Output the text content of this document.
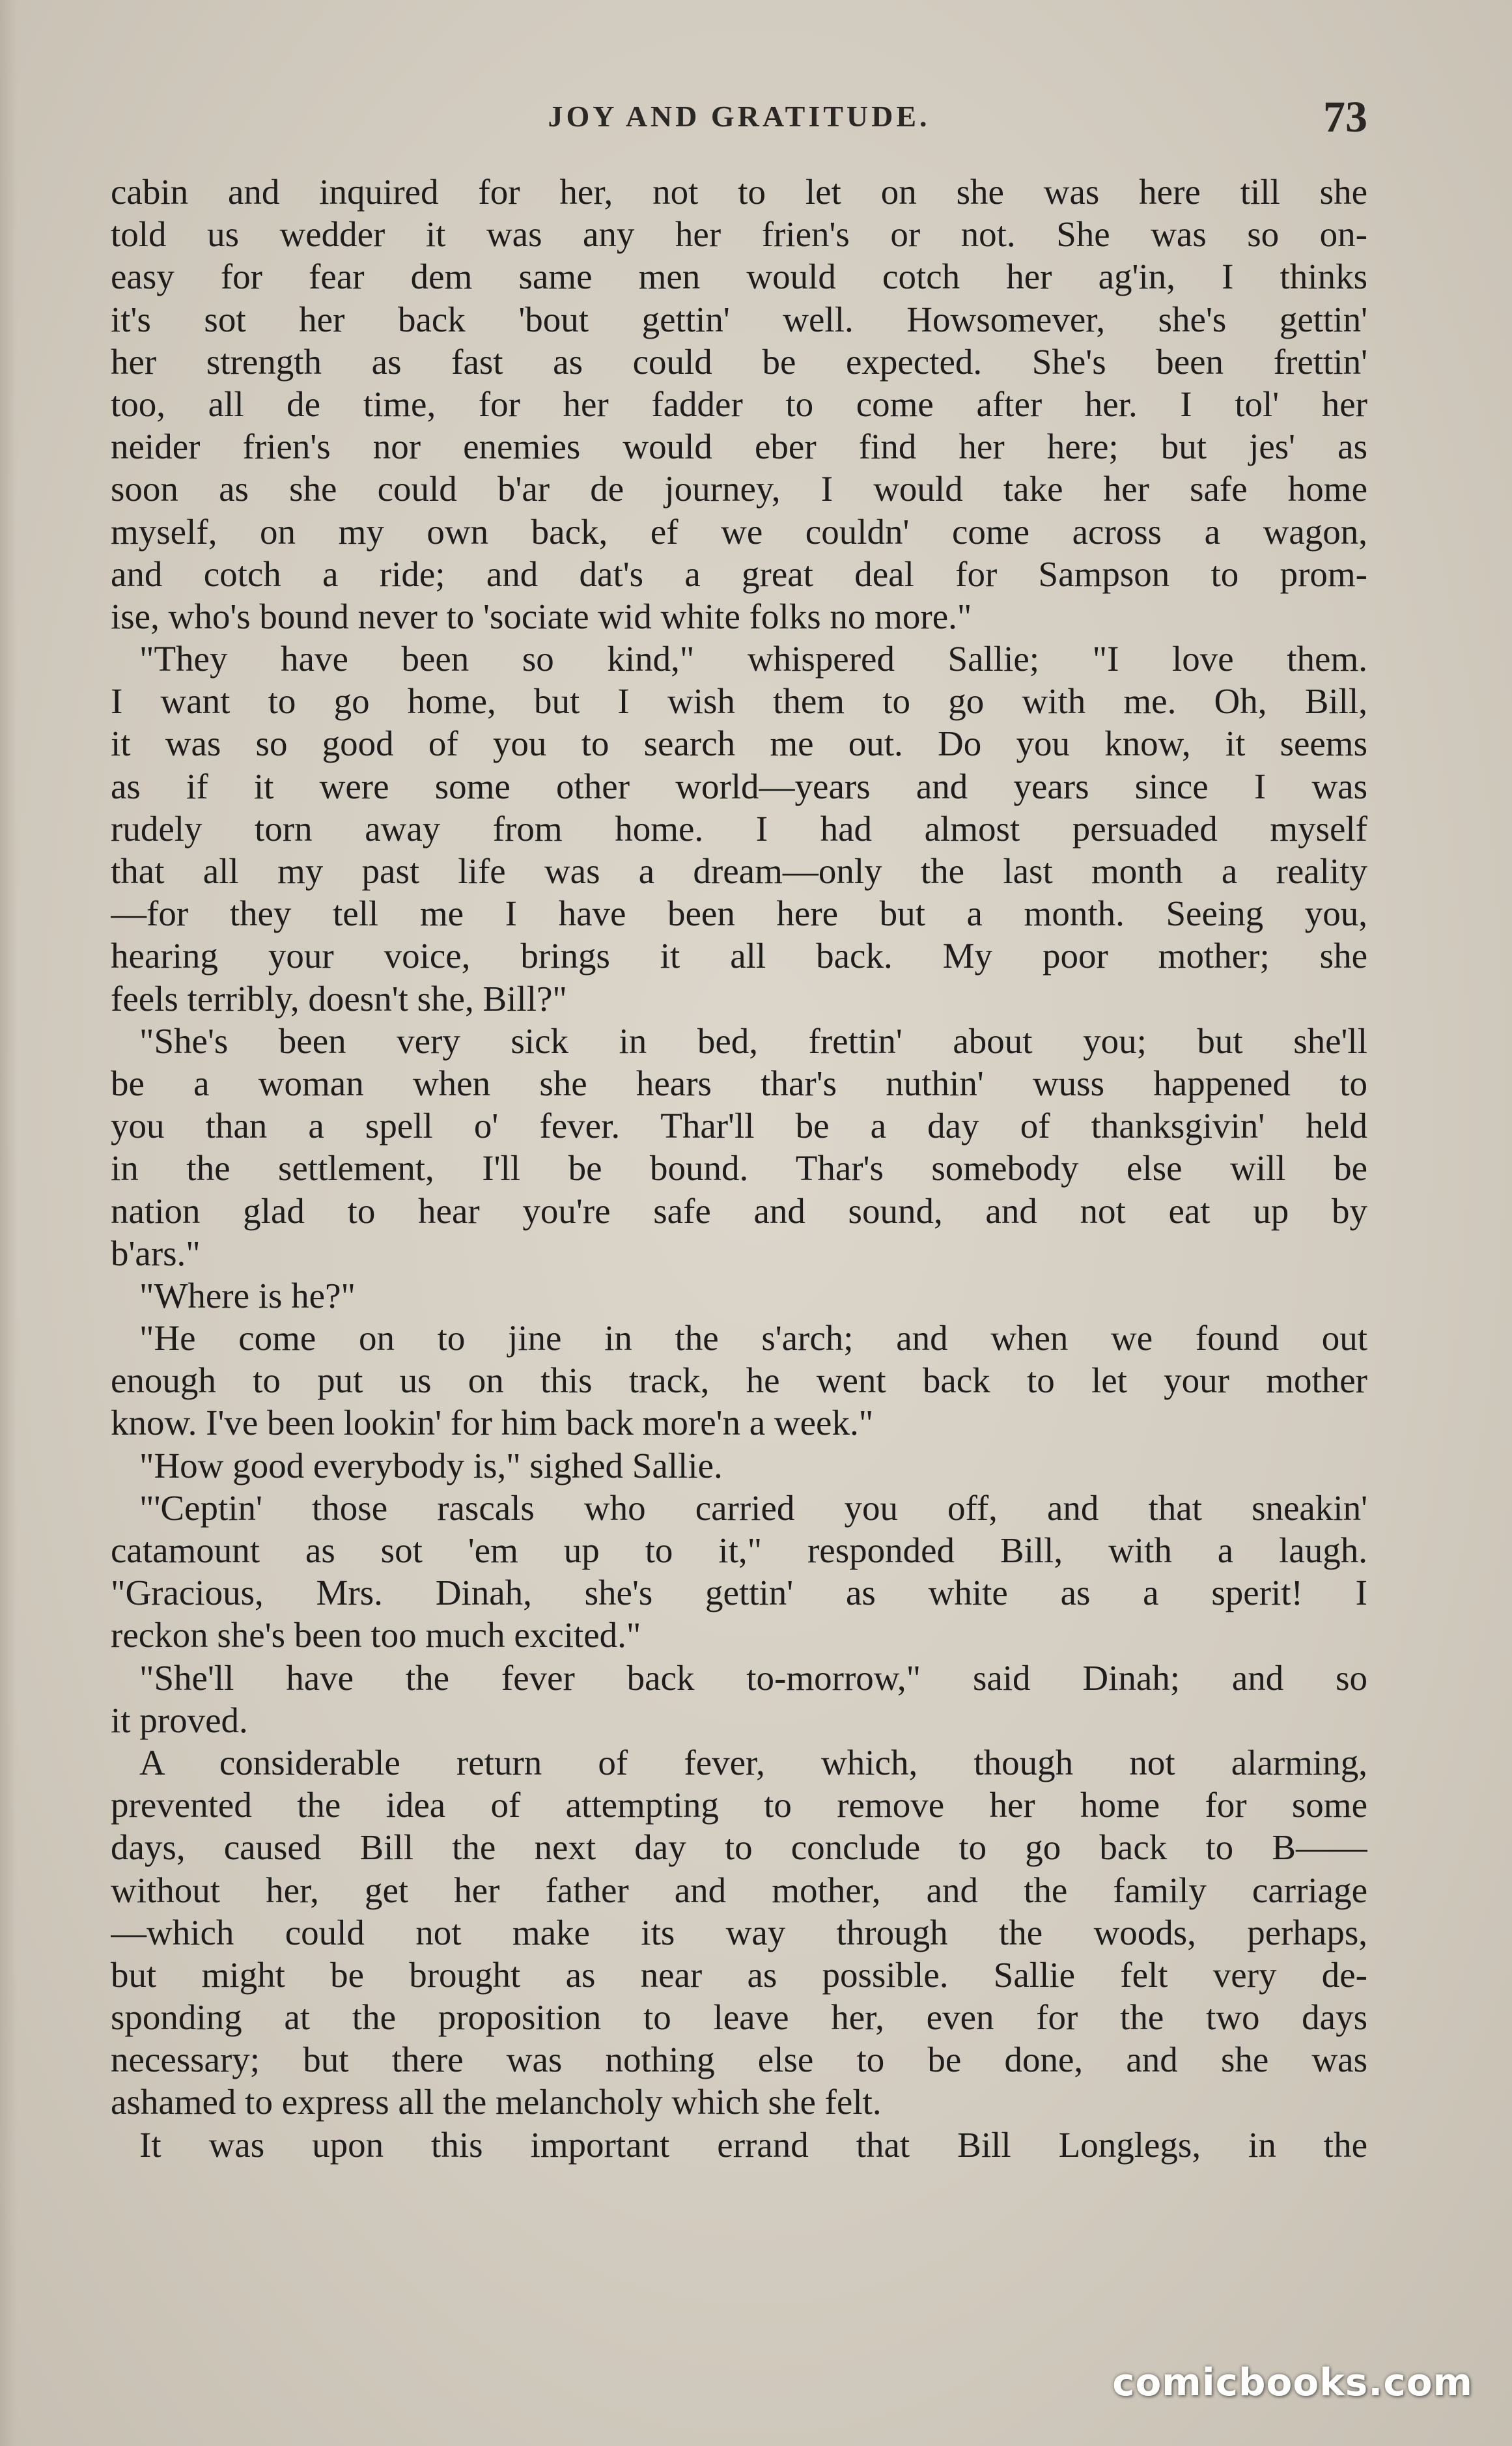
JOY AND GRATITUDE.	73
cabin and inquired for her, not to let on she was here till she
told us wedder it was any her frien's or not. She was so on-
easy for fear dem same men would cotch her ag'in, I thinks
it's sot her back 'bout gettin' well. Howsomever, she's gettin'
her strength as fast as could be expected. She's been frettin'
too, all de time, for her fadder to come after her. I tol' her
neider frien's nor enemies would eber find her here; but jes' as
soon as she could b'ar de journey, I would take her safe home
myself, on my own back, ef we couldn' come across a wagon,
and cotch a ride; and dat's a great deal for Sampson to prom-
ise, who's bound never to 'sociate wid white folks no more."
"They have been so kind," whispered Sallie; "I love them.
I want to go home, but I wish them to go with me. Oh, Bill,
it was so good of you to search me out. Do you know, it seems
as if it were some other world—years and years since I was
rudely torn away from home. I had almost persuaded myself
that all my past life was a dream—only the last month a reality
—for they tell me I have been here but a month. Seeing you,
hearing your voice, brings it all back. My poor mother; she
feels terribly, doesn't she, Bill?"
"She's been very sick in bed, frettin' about you; but she'll
be a woman when she hears thar's nuthin' wuss happened to
you than a spell o' fever. Thar'll be a day of thanksgivin' held
in the settlement, I'll be bound. Thar's somebody else will be
nation glad to hear you're safe and sound, and not eat up by
b'ars."
"Where is he?"
"He come on to jine in the s'arch; and when we found out
enough to put us on this track, he went back to let your mother
know. I've been lookin' for him back more'n a week."
"How good everybody is," sighed Sallie.
"'Ceptin' those rascals who carried you off, and that sneakin'
catamount as sot 'em up to it," responded Bill, with a laugh.
"Gracious, Mrs. Dinah, she's gettin' as white as a sperit! I
reckon she's been too much excited."
"She'll have the fever back to-morrow," said Dinah; and so
it proved.
A considerable return of fever, which, though not alarming,
prevented the idea of attempting to remove her home for some
days, caused Bill the next day to conclude to go back to B——
without her, get her father and mother, and the family carriage
—which could not make its way through the woods, perhaps,
but might be brought as near as possible. Sallie felt very de-
sponding at the proposition to leave her, even for the two days
necessary; but there was nothing else to be done, and she was
ashamed to express all the melancholy which she felt.
It was upon this important errand that Bill Longlegs, in the
comicbooks.com
